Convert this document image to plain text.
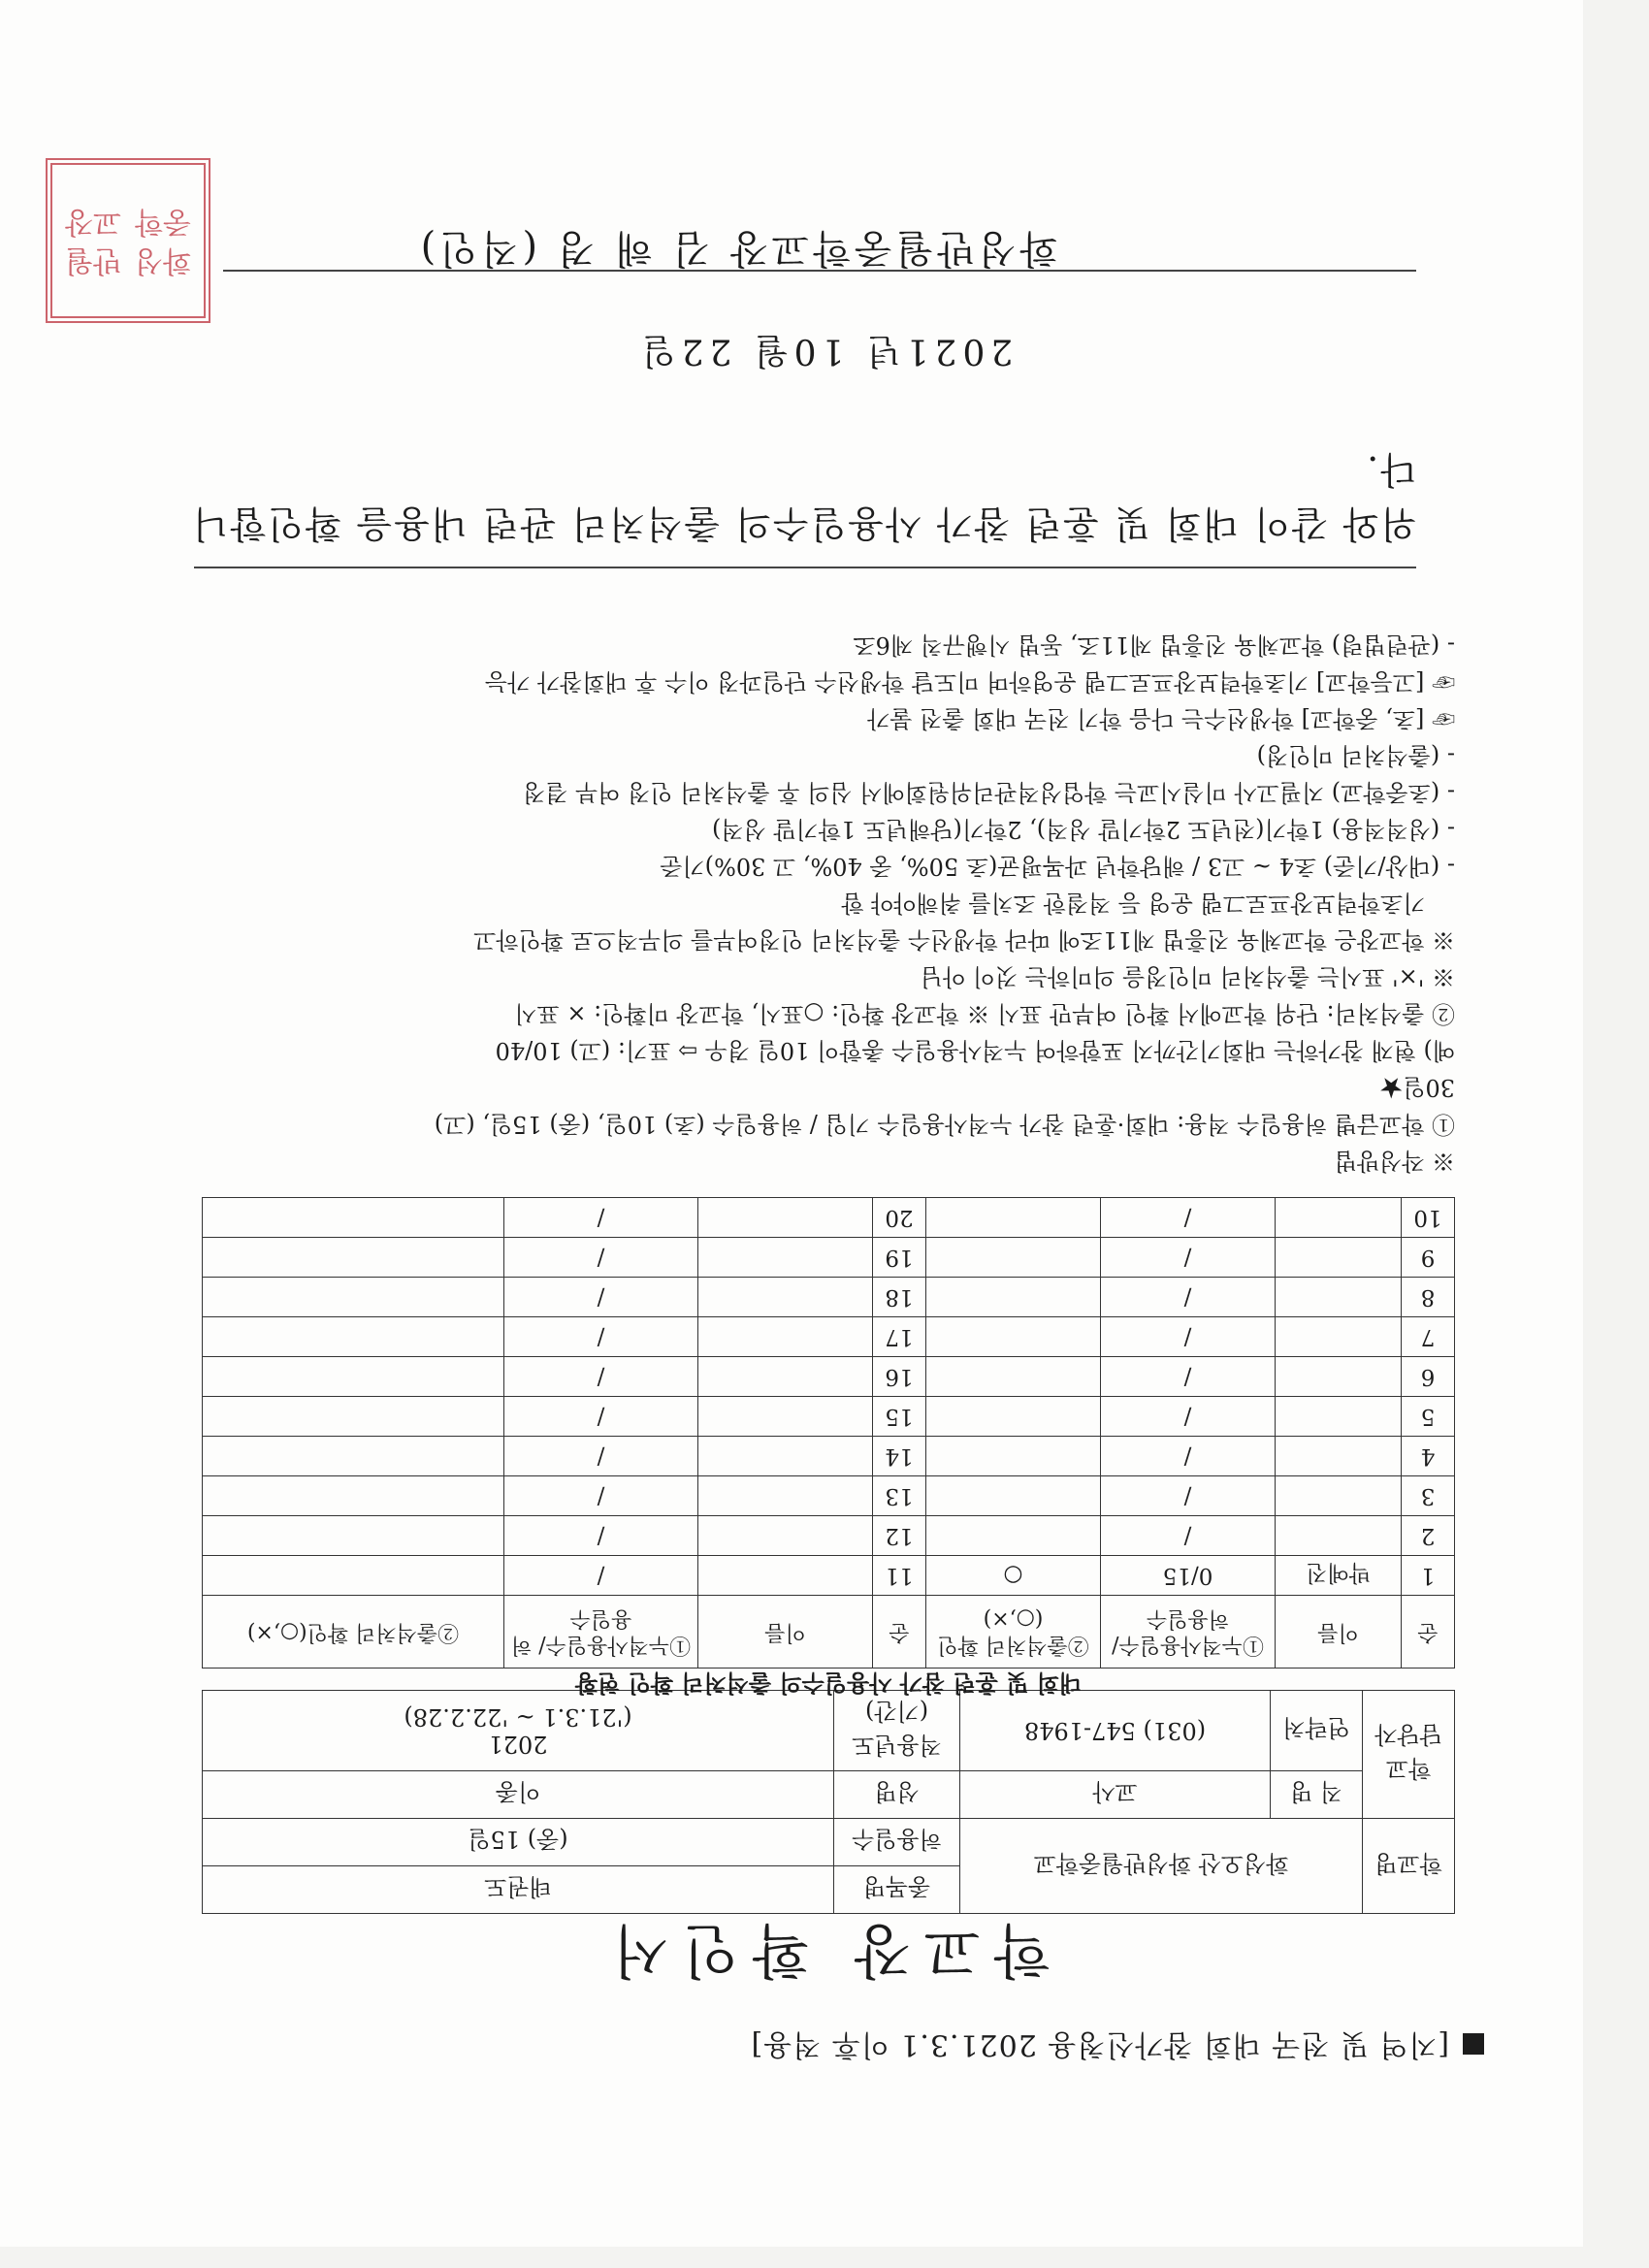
[지역 및 전국 대회 참가신청용 2021.3.1 이후 적용]
학교장 확인서
학교명	화성오산 화성반월중학교		종목명	태권도
			허용일수	(중) 15일
학교 담당자	직 명	교사	성명	이종
	연락처	(031) 547-1948	적용년도 (기간)	2021
('21.3.1 ~ '22.2.28)
대회 및 훈련 참가 사용일수의 출석처리 확인 현황
순	이름	①누적사용일수/ 허용일수	②출석처리 확인(○,×)	순	이름	①누적사용일수/ 허용일수	②출석처리 확인(○,×)
1	박예진	0/15	○	11		/	
2		/		12		/	
3		/		13		/	
4		/		14		/	
5		/		15		/	
6		/		16		/	
7		/		17		/	
8		/		18		/	
9		/		19		/	
10		/		20		/	
※ 작성방법
① 학교급별 허용일수 적용: 대회·훈련 참가 누적사용일수 기입 / 허용일수 (초) 10일, (중) 15일, (고)
30일★
예) 현재 참가하는 대회기간까지 포함하여 누적사용일수 총합이 10일 경우 ⇨ 표기: (고) 10/40
② 출석처리: 단위 학교에서 확인 여부만 표시 ※ 학교장 확인: ○표시, 학교장 미확인: × 표시
※ '×' 표시는 출석처리 미인정을 의미하는 것이 아님
※ 학교장은 학교체육 진흥법 제11조에 따라 학생선수 출석처리 인정여부를 의무적으로 확인하고
기초학력보장프로그램 운영 등 적절한 조치를 취해야야 함
- (대상/기준) 초4 ~ 고3 / 해당학년 과목평균(초 50%, 중 40%, 고 30%)기준
- (성적적용) 1학기(전년도 2학기말 성적), 2학기(당해년도 1학기말 성적)
- (초중학교) 지필고사 미실시교는 학업성적관리위원회에서 심의 후 출석처리 인정 여부 결정
- (출석처리 미인정)
☞ [초, 중학교] 학생선수는 다음 학기 전국 대회 출전 불가
☞ [고등학교] 기초학력보장프로그램 운영하며 미도달 학생선수 단일과정 이수 후 대회참가 가능
- (관련법령) 학교체육 진흥법 제11조, 동법 시행규칙 제6조
위와 같이 대회 및 훈련 참가 사용일수의 출석처리 관련 내용을 확인합니다.
2021년 10월 22일
화성반월중학교장 김 해 경 (직인)
화성
반월
중학
교장
